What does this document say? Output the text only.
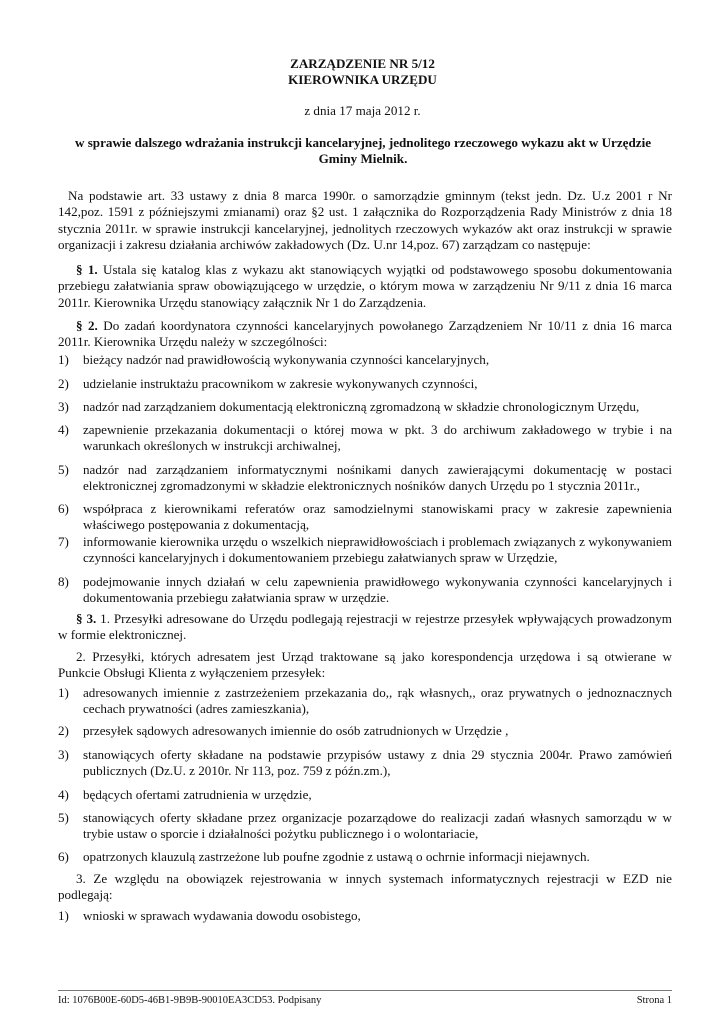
ZARZĄDZENIE NR 5/12
KIEROWNIKA URZĘDU
z dnia 17 maja 2012 r.
w sprawie dalszego wdrażania instrukcji kancelaryjnej, jednolitego rzeczowego wykazu akt w Urzędzie Gminy Mielnik.

Na podstawie art. 33 ustawy z dnia 8 marca 1990r. o samorządzie gminnym (tekst jedn. Dz. U.z 2001 r Nr 142,poz. 1591 z późniejszymi zmianami) oraz §2 ust. 1 załącznika do Rozporządzenia Rady Ministrów z dnia 18 stycznia 2011r. w sprawie instrukcji kancelaryjnej, jednolitych rzeczowych wykazów akt oraz instrukcji w sprawie organizacji i zakresu działania archiwów zakładowych (Dz. U.nr 14,poz. 67) zarządzam co następuje:

§ 1. Ustala się katalog klas z wykazu akt stanowiących wyjątki od podstawowego sposobu dokumentowania przebiegu załatwiania spraw obowiązującego w urzędzie, o którym mowa w zarządzeniu Nr 9/11 z dnia 16 marca 2011r. Kierownika Urzędu stanowiący załącznik Nr 1 do Zarządzenia.

§ 2. Do zadań koordynatora czynności kancelaryjnych powołanego Zarządzeniem Nr 10/11 z dnia 16 marca 2011r. Kierownika Urzędu należy w szczególności:

1) bieżący nadzór nad prawidłowością wykonywania czynności kancelaryjnych,
2) udzielanie instruktażu pracownikom w zakresie wykonywanych czynności,
3) nadzór nad zarządzaniem dokumentacją elektroniczną zgromadzoną w składzie chronologicznym Urzędu,
4) zapewnienie przekazania dokumentacji o której mowa w pkt. 3 do archiwum zakładowego w trybie i na warunkach określonych w instrukcji archiwalnej,
5) nadzór nad zarządzaniem informatycznymi nośnikami danych zawierającymi dokumentację w postaci elektronicznej zgromadzonymi w składzie elektronicznych nośników danych Urzędu po 1 stycznia 2011r.,
6) współpraca z kierownikami referatów oraz samodzielnymi stanowiskami pracy w zakresie zapewnienia właściwego postępowania z dokumentacją,
7) informowanie kierownika urzędu o wszelkich nieprawidłowościach i problemach związanych z wykonywaniem czynności kancelaryjnych i dokumentowaniem przebiegu załatwianych spraw w Urzędzie,
8) podejmowanie innych działań w celu zapewnienia prawidłowego wykonywania czynności kancelaryjnych i dokumentowania przebiegu załatwiania spraw w urzędzie.

§ 3. 1. Przesyłki adresowane do Urzędu podlegają rejestracji w rejestrze przesyłek wpływających prowadzonym w formie elektronicznej.

2. Przesyłki, których adresatem jest Urząd traktowane są jako korespondencja urzędowa i są otwierane w Punkcie Obsługi Klienta z wyłączeniem przesyłek:

1) adresowanych imiennie z zastrzeżeniem przekazania do,, rąk własnych,, oraz prywatnych o jednoznacznych cechach prywatności (adres zamieszkania),
2) przesyłek sądowych adresowanych imiennie do osób zatrudnionych w Urzędzie ,
3) stanowiących oferty składane na podstawie przypisów ustawy z dnia 29 stycznia 2004r. Prawo zamówień publicznych (Dz.U. z 2010r. Nr 113, poz. 759 z późn.zm.),
4) będących ofertami zatrudnienia w urzędzie,
5) stanowiących oferty składane przez organizacje pozarządowe do realizacji zadań własnych samorządu w w trybie ustaw o sporcie i działalności pożytku publicznego i o wolontariacie,
6) opatrzonych klauzulą zastrzeżone lub poufne zgodnie z ustawą o ochrnie informacji niejawnych.

3. Ze względu na obowiązek rejestrowania w innych systemach informatycznych rejestracji w EZD nie podlegają:

1) wnioski w sprawach wydawania dowodu osobistego,
Id: 1076B00E-60D5-46B1-9B9B-90010EA3CD53. Podpisany	Strona 1
